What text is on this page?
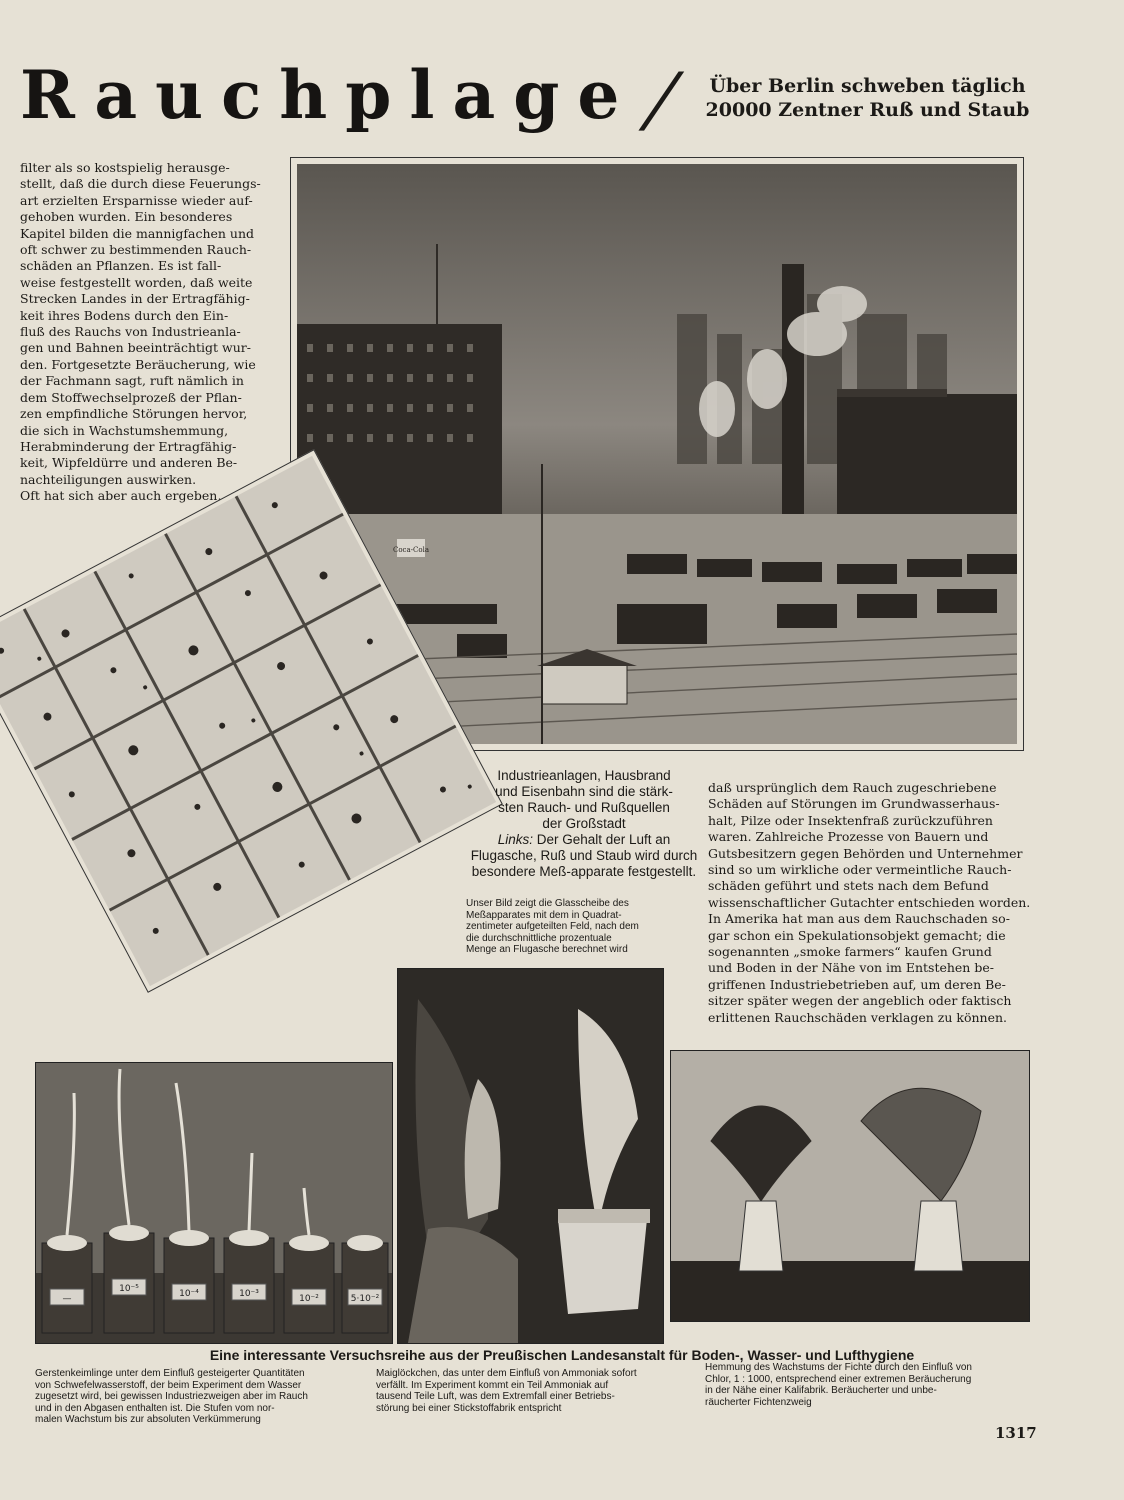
Rauchplage
/	Über Berlin schweben täglich
20000 Zentner Ruß und Staub
filter als so kostspielig herausge-
stellt, daß die durch diese Feuerungs-
art erzielten Ersparnisse wieder auf-
gehoben wurden. Ein besonderes
Kapitel bilden die mannigfachen und
oft schwer zu bestimmenden Rauch-
schäden an Pflanzen. Es ist fall-
weise festgestellt worden, daß weite
Strecken Landes in der Ertragfähig-
keit ihres Bodens durch den Ein-
fluß des Rauchs von Industrieanla-
gen und Bahnen beeinträchtigt wur-
den. Fortgesetzte Beräucherung, wie
der Fachmann sagt, ruft nämlich in
dem Stoffwechselprozeß der Pflan-
zen empfindliche Störungen hervor,
die sich in Wachstumshemmung,
Herabminderung der Ertragfähig-
keit, Wipfeldürre und anderen Be-
nachteiligungen auswirken.
Oft hat sich aber auch ergeben,
Coca-Cola
Industrieanlagen, Hausbrand
und Eisenbahn sind die stärk-
sten Rauch- und Rußquellen
der Großstadt
Links: Der Gehalt der Luft an Flugasche, Ruß und Staub wird durch besondere Meß-apparate festgestellt.
Unser Bild zeigt die Glasscheibe des
Meßapparates mit dem in Quadrat-
zentimeter aufgeteilten Feld, nach dem
die durchschnittliche prozentuale
Menge an Flugasche berechnet wird
daß ursprünglich dem Rauch zugeschriebene
Schäden auf Störungen im Grundwasserhaus-
halt, Pilze oder Insektenfraß zurückzuführen
waren. Zahlreiche Prozesse von Bauern und
Gutsbesitzern gegen Behörden und Unternehmer
sind so um wirkliche oder vermeintliche Rauch-
schäden geführt und stets nach dem Befund
wissenschaftlicher Gutachter entschieden worden.
In Amerika hat man aus dem Rauchschaden so-
gar schon ein Spekulationsobjekt gemacht; die
sogenannten „smoke farmers“ kaufen Grund
und Boden in der Nähe von im Entstehen be-
griffenen Industriebetrieben auf, um deren Be-
sitzer später wegen der angeblich oder faktisch
erlittenen Rauchschäden verklagen zu können.
—
10⁻⁵	10⁻⁴	10⁻³	10⁻²	5·10⁻²
Eine interessante Versuchsreihe aus der Preußischen Landesanstalt für Boden-, Wasser- und Lufthygiene
Gerstenkeimlinge unter dem Einfluß gesteigerter Quantitäten
von Schwefelwasserstoff, der beim Experiment dem Wasser
zugesetzt wird, bei gewissen Industriezweigen aber im Rauch
und in den Abgasen enthalten ist. Die Stufen vom nor-
malen Wachstum bis zur absoluten Verkümmerung
Maiglöckchen, das unter dem Einfluß von Ammoniak sofort
verfällt. Im Experiment kommt ein Teil Ammoniak auf
tausend Teile Luft, was dem Extremfall einer Betriebs-
störung bei einer Stickstoffabrik entspricht
Hemmung des Wachstums der Fichte durch den Einfluß von
Chlor, 1 : 1000, entsprechend einer extremen Beräucherung
in der Nähe einer Kalifabrik. Beräucherter und unbe-
räucherter Fichtenzweig
1317
